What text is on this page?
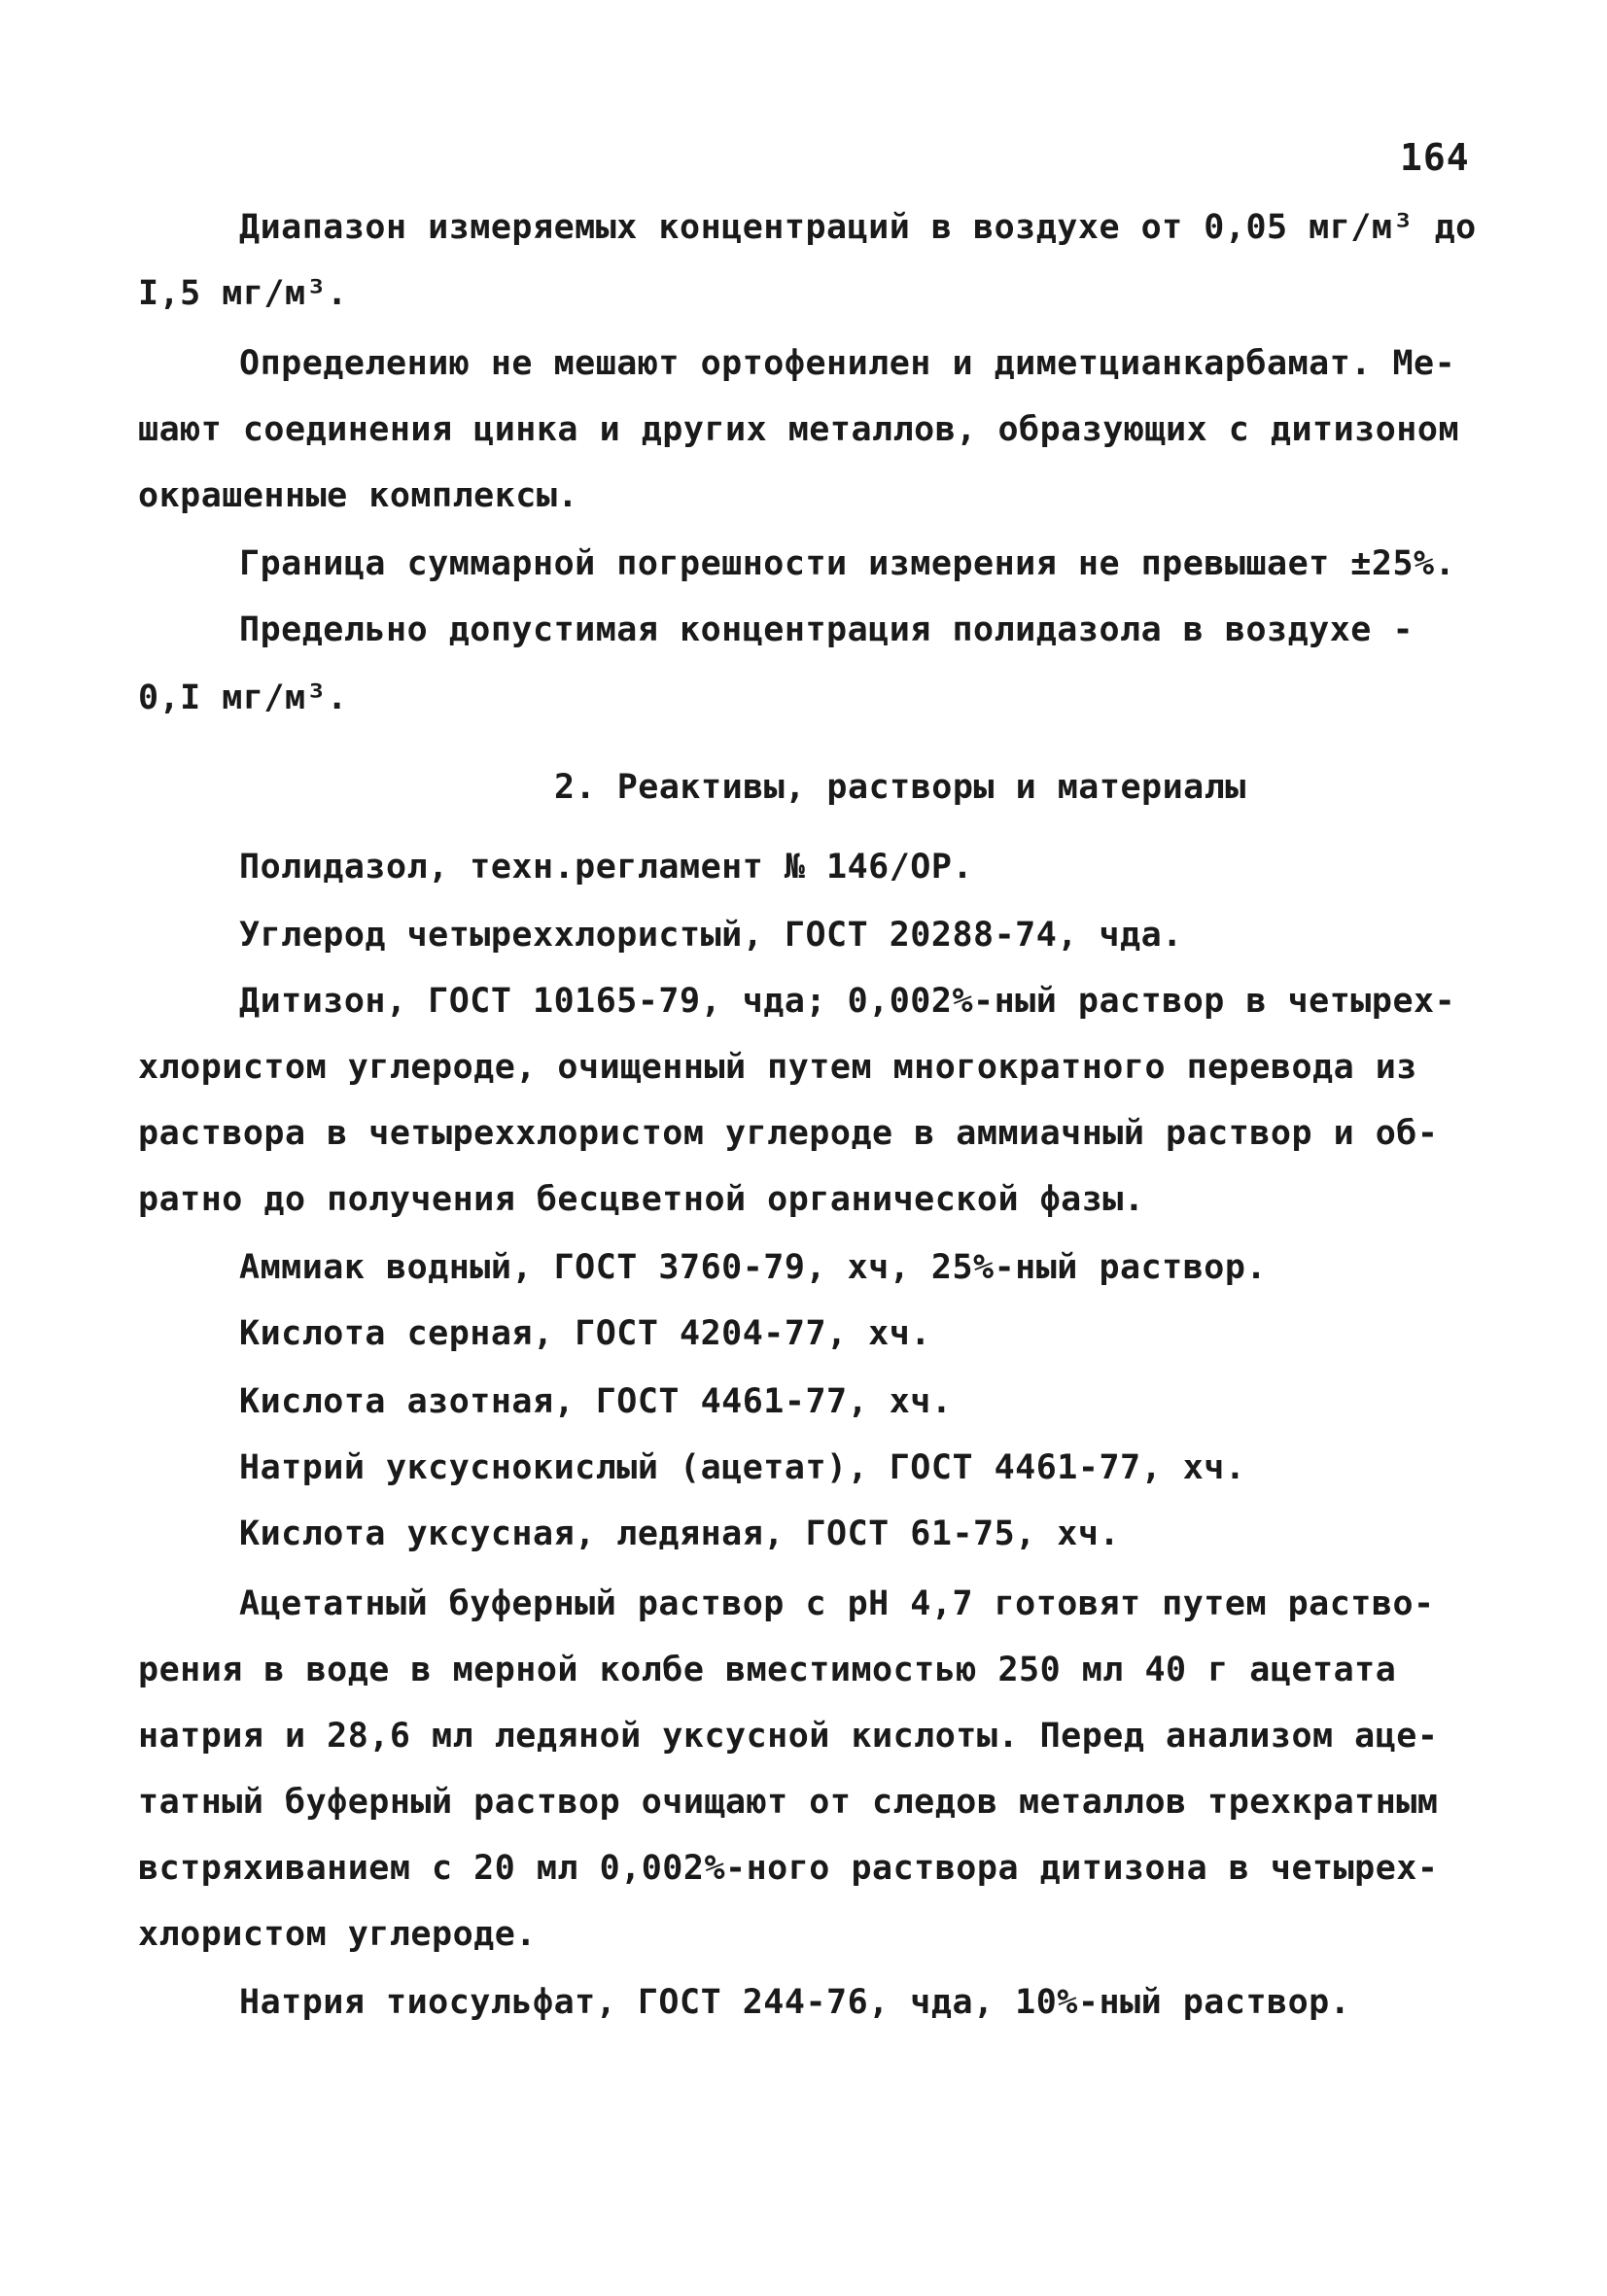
164
Диапазон измеряемых концентраций в воздухе от 0,05 мг/м³ до
I,5 мг/м³.
Определению не мешают ортофенилен и диметцианкарбамат. Ме-
шают соединения цинка и других металлов, образующих с дитизоном
окрашенные комплексы.
Граница суммарной погрешности измерения не превышает ±25%.
Предельно допустимая концентрация полидазола в воздухе -
0,I мг/м³.
2. Реактивы, растворы и материалы
Полидазол, техн.регламент № 146/ОР.
Углерод четыреххлористый, ГОСТ 20288-74, чда.
Дитизон, ГОСТ 10165-79, чда; 0,002%-ный раствор в четырех-
хлористом углероде, очищенный путем многократного перевода из
раствора в четыреххлористом углероде в аммиачный раствор и об-
ратно до получения бесцветной органической фазы.
Аммиак водный, ГОСТ 3760-79, хч, 25%-ный раствор.
Кислота серная, ГОСТ 4204-77, хч.
Кислота азотная, ГОСТ 4461-77, хч.
Натрий уксуснокислый (ацетат), ГОСТ 4461-77, хч.
Кислота уксусная, ледяная, ГОСТ 61-75, хч.
Ацетатный буферный раствор с pH 4,7 готовят путем раство-
рения в воде в мерной колбе вместимостью 250 мл 40 г ацетата
натрия и 28,6 мл ледяной уксусной кислоты. Перед анализом аце-
татный буферный раствор очищают от следов металлов трехкратным
встряхиванием с 20 мл 0,002%-ного раствора дитизона в четырех-
хлористом углероде.
Натрия тиосульфат, ГОСТ 244-76, чда, 10%-ный раствор.
